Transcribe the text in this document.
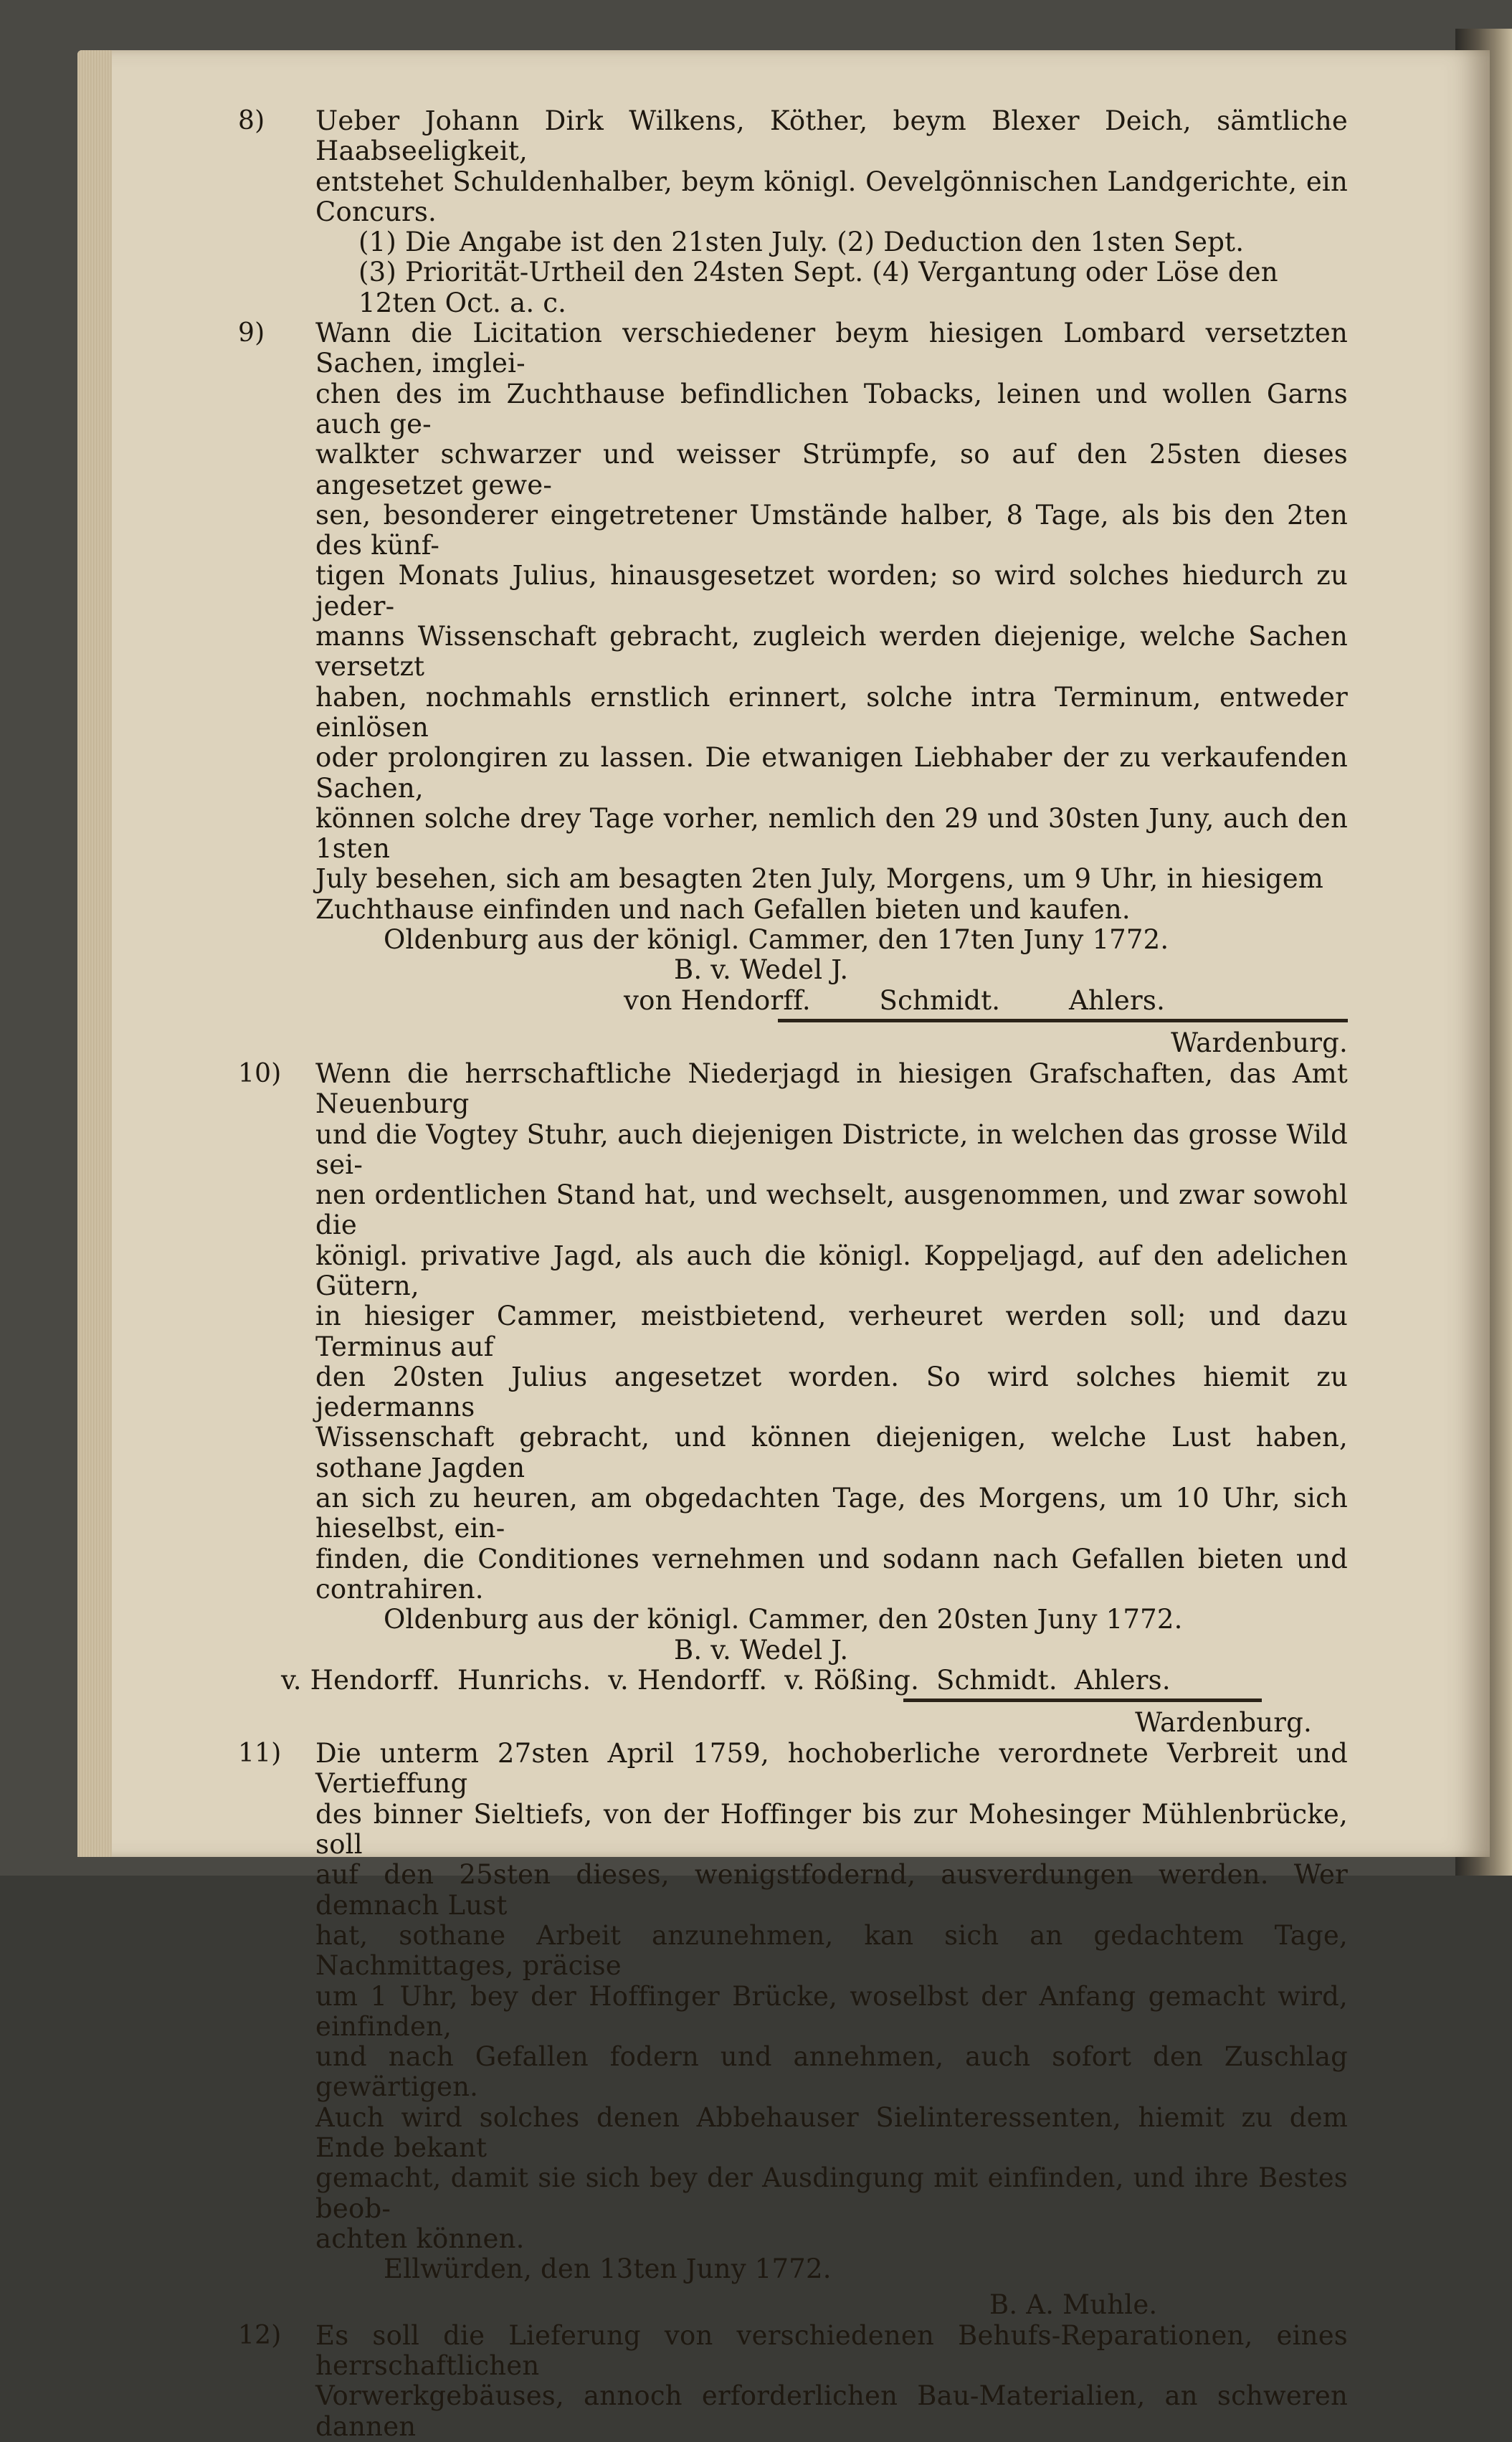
8) Ueber Johann Dirk Wilkens, Köther, beym Blexer Deich, sämtliche Haabseeligkeit,

entstehet Schuldenhalber, beym königl. Oevelgönnischen Landgerichte, ein Concurs.

(1) Die Angabe ist den 21sten July. (2) Deduction den 1sten Sept.

(3) Priorität-Urtheil den 24sten Sept. (4) Vergantung oder Löse den

12ten Oct. a. c.

9) Wann die Licitation verschiedener beym hiesigen Lombard versetzten Sachen, imglei-

chen des im Zuchthause befindlichen Tobacks, leinen und wollen Garns auch ge-

walkter schwarzer und weisser Strümpfe, so auf den 25sten dieses angesetzet gewe-

sen, besonderer eingetretener Umstände halber, 8 Tage, als bis den 2ten des künf-

tigen Monats Julius, hinausgesetzet worden; so wird solches hiedurch zu jeder-

manns Wissenschaft gebracht, zugleich werden diejenige, welche Sachen versetzt

haben, nochmahls ernstlich erinnert, solche intra Terminum, entweder einlösen

oder prolongiren zu lassen. Die etwanigen Liebhaber der zu verkaufenden Sachen,

können solche drey Tage vorher, nemlich den 29 und 30sten Juny, auch den 1sten

July besehen, sich am besagten 2ten July, Morgens, um 9 Uhr, in hiesigem

Zuchthause einfinden und nach Gefallen bieten und kaufen.

Oldenburg aus der königl. Cammer, den 17ten Juny 1772.

B. v. Wedel J.

von Hendorff.        Schmidt.        Ahlers.

Wardenburg.

10) Wenn die herrschaftliche Niederjagd in hiesigen Grafschaften, das Amt Neuenburg

und die Vogtey Stuhr, auch diejenigen Districte, in welchen das grosse Wild sei-

nen ordentlichen Stand hat, und wechselt, ausgenommen, und zwar sowohl die

königl. privative Jagd, als auch die königl. Koppeljagd, auf den adelichen Gütern,

in hiesiger Cammer, meistbietend, verheuret werden soll; und dazu Terminus auf

den 20sten Julius angesetzet worden. So wird solches hiemit zu jedermanns

Wissenschaft gebracht, und können diejenigen, welche Lust haben, sothane Jagden

an sich zu heuren, am obgedachten Tage, des Morgens, um 10 Uhr, sich hieselbst, ein-

finden, die Conditiones vernehmen und sodann nach Gefallen bieten und contrahiren.

Oldenburg aus der königl. Cammer, den 20sten Juny 1772.

B. v. Wedel J.

v. Hendorff.  Hunrichs.  v. Hendorff.  v. Rößing.  Schmidt.  Ahlers.

Wardenburg.

11) Die unterm 27sten April 1759, hochoberliche verordnete Verbreit und Vertieffung

des binner Sieltiefs, von der Hoffinger bis zur Mohesinger Mühlenbrücke, soll

auf den 25sten dieses, wenigstfodernd, ausverdungen werden. Wer demnach Lust

hat, sothane Arbeit anzunehmen, kan sich an gedachtem Tage, Nachmittages, präcise

um 1 Uhr, bey der Hoffinger Brücke, woselbst der Anfang gemacht wird, einfinden,

und nach Gefallen fodern und annehmen, auch sofort den Zuschlag gewärtigen.

Auch wird solches denen Abbehauser Sielinteressenten, hiemit zu dem Ende bekant

gemacht, damit sie sich bey der Ausdingung mit einfinden, und ihre Bestes beob-

achten können.

Ellwürden, den 13ten Juny 1772.

B. A. Muhle.

12) Es soll die Lieferung von verschiedenen Behufs-Reparationen, eines herrschaftlichen

Vorwerkgebäuses, annoch erforderlichen Bau-Materialien, an schweren dannen
